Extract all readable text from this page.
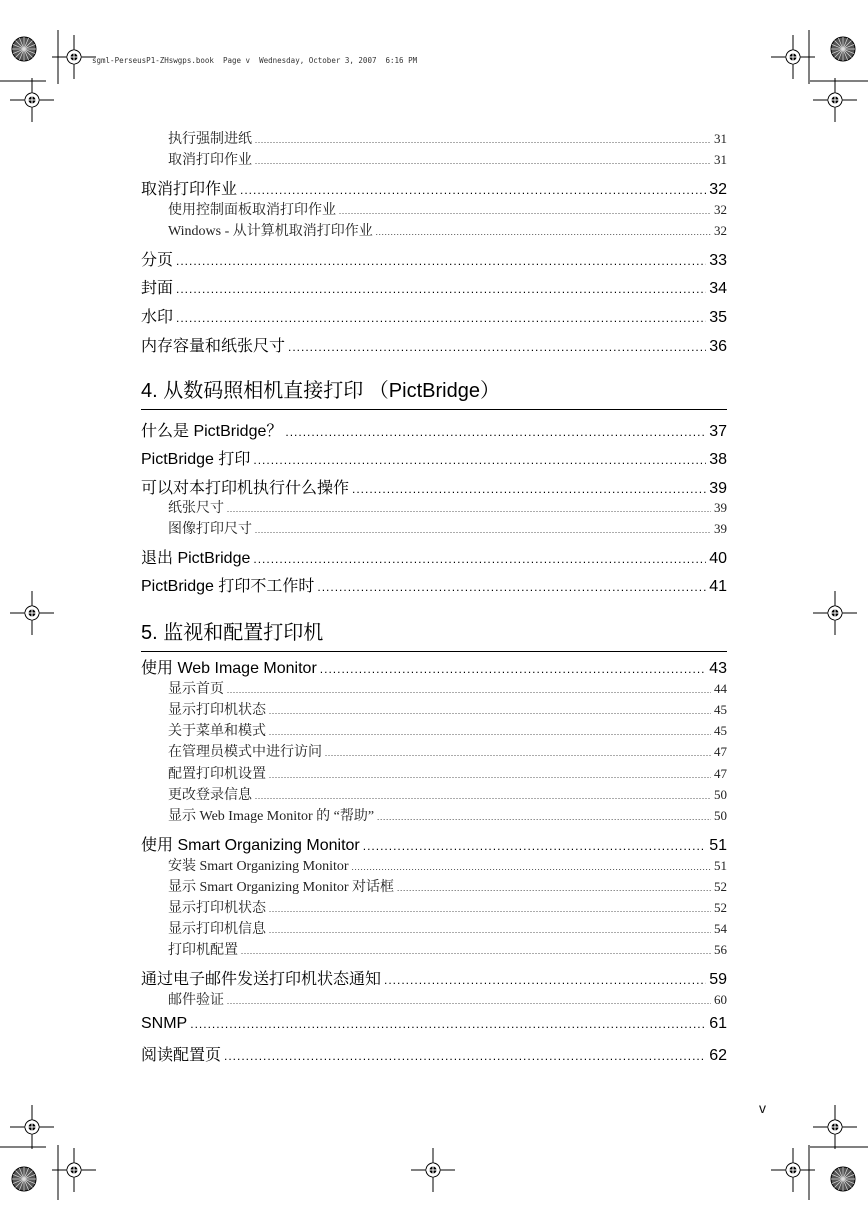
sgml-PerseusP1-ZHswgps.book  Page v  Wednesday, October 3, 2007  6:16 PM
执行强制进纸 .....	31
取消打印作业 .....	31
取消打印作业 .....	32
使用控制面板取消打印作业 .....	32
Windows - 从计算机取消打印作业 .....	32
分页 .....	33
封面 .....	34
水印 .....	35
内存容量和纸张尺寸 .....	36
4. 从数码照相机直接打印 （PictBridge）
什么是 PictBridge？ .....	37
PictBridge 打印 .....	38
可以对本打印机执行什么操作 .....	39
纸张尺寸 .....	39
图像打印尺寸 .....	39
退出 PictBridge .....	40
PictBridge 打印不工作时 .....	41
5. 监视和配置打印机
使用 Web Image Monitor .....	43
显示首页 .....	44
显示打印机状态 .....	45
关于菜单和模式 .....	45
在管理员模式中进行访问 .....	47
配置打印机设置 .....	47
更改登录信息 .....	50
显示 Web Image Monitor 的 “帮助” .....	50
使用 Smart Organizing Monitor .....	51
安装 Smart Organizing Monitor .....	51
显示 Smart Organizing Monitor 对话框 .....	52
显示打印机状态 .....	52
显示打印机信息 .....	54
打印机配置 .....	56
通过电子邮件发送打印机状态通知 .....	59
邮件验证 .....	60
SNMP .....	61
阅读配置页 .....	62
v
